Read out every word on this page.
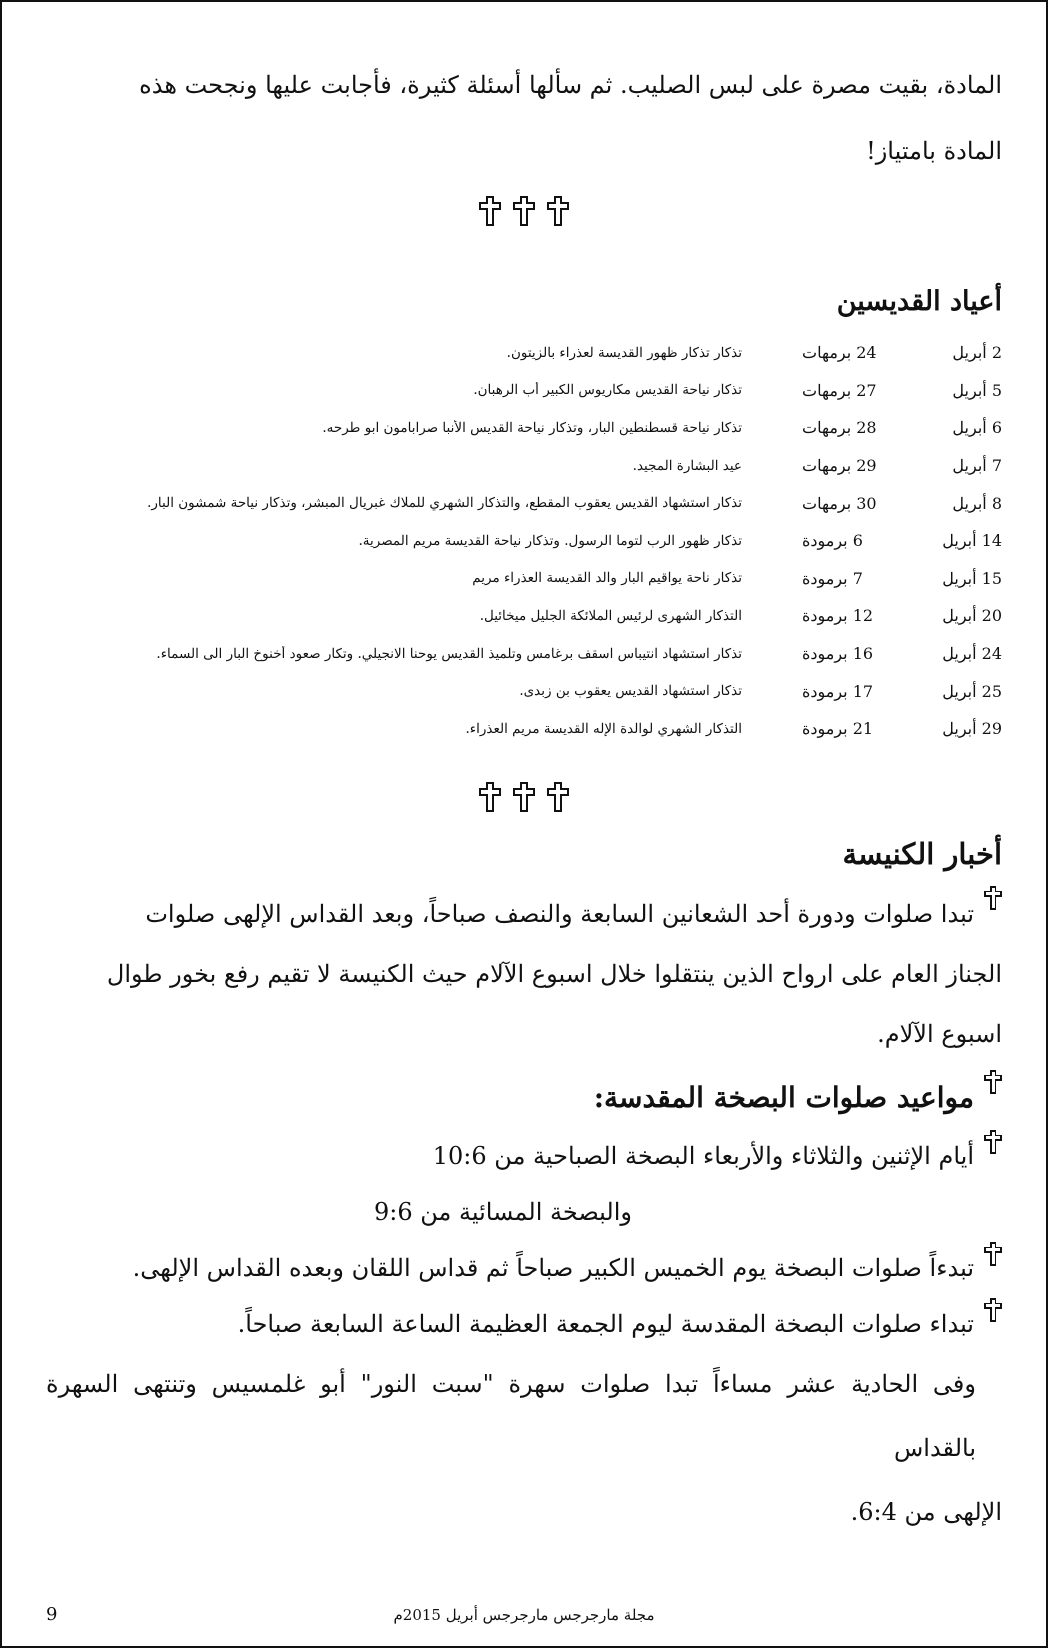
المادة، بقيت مصرة على لبس الصليب. ثم سألها أسئلة كثيرة، فأجابت عليها ونجحت هذه
المادة بامتياز!
أعياد القديسين
2 أبريل
24 برمهات
تذكار تذكار ظهور القديسة لعذراء بالزيتون.
5 أبريل
27 برمهات
تذكار نياحة القديس مكاريوس الكبير أب الرهبان.
6 أبريل
28 برمهات
تذكار نياحة قسطنطين البار، وتذكار نياحة القديس الأنبا صرابامون ابو طرحه.
7 أبريل
29 برمهات
عيد البشارة المجيد.
8 أبريل
30 برمهات
تذكار استشهاد القديس يعقوب المقطع، والتذكار الشهري للملاك غبريال المبشر، وتذكار نياحة شمشون البار.
14 أبريل
6 برمودة
تذكار ظهور الرب لتوما الرسول. وتذكار نياحة القديسة مريم المصرية.
15 أبريل
7 برمودة
تذكار ناحة يواقيم البار والد القديسة العذراء مريم
20 أبريل
12 برمودة
التذكار الشهرى لرئيس الملائكة الجليل ميخائيل.
24 أبريل
16 برمودة
تذكار استشهاد انتيباس اسقف برغامس وتلميذ القديس يوحنا الانجيلي. وتكار صعود أخنوخ البار الى السماء.
25 أبريل
17 برمودة
تذكار استشهاد القديس يعقوب بن زبدى.
29 أبريل
21 برمودة
التذكار الشهري لوالدة الإله القديسة مريم العذراء.
أخبار الكنيسة
تبدا صلوات ودورة أحد الشعانين السابعة والنصف صباحاً، وبعد القداس الإلهى صلوات
الجناز العام على ارواح الذين ينتقلوا خلال اسبوع الآلام حيث الكنيسة لا تقيم رفع بخور طوال
اسبوع الآلام.
مواعيد صلوات البصخة المقدسة:
أيام الإثنين والثلاثاء والأربعاء البصخة الصباحية من 10:6
والبصخة المسائية من 9:6
تبدءاً صلوات البصخة يوم الخميس الكبير صباحاً ثم قداس اللقان وبعده القداس الإلهى.
تبداء صلوات البصخة المقدسة ليوم الجمعة العظيمة الساعة السابعة صباحاً.
وفى الحادية عشر مساءاً تبدا صلوات سهرة "سبت النور" أبو غلمسيس وتنتهى السهرة بالقداس
الإلهى من 6:4.
9	مجلة مارجرجس مارجرجس أبريل 2015م
